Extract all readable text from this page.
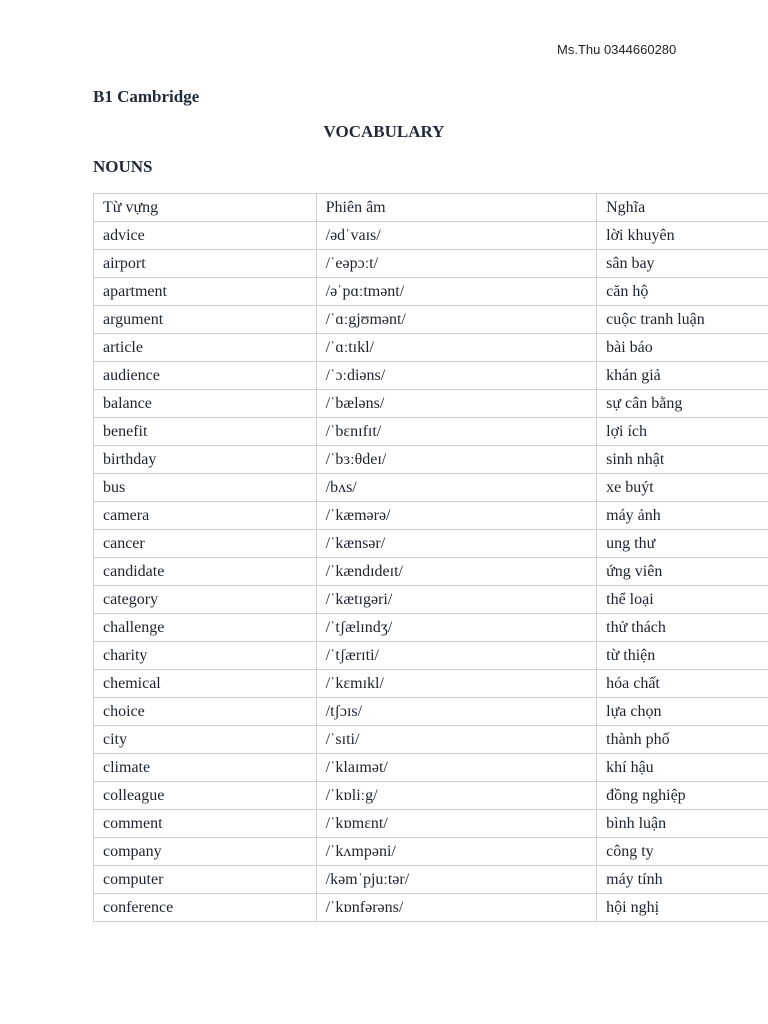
Ms.Thu 0344660280
B1 Cambridge
VOCABULARY
NOUNS
Từ vựng	Phiên âm	Nghĩa
advice	/ədˈvaɪs/	lời khuyên
airport	/ˈeəpɔːt/	sân bay
apartment	/əˈpɑːtmənt/	căn hộ
argument	/ˈɑːgjʊmənt/	cuộc tranh luận
article	/ˈɑːtɪkl/	bài báo
audience	/ˈɔːdiəns/	khán giả
balance	/ˈbæləns/	sự cân bằng
benefit	/ˈbɛnɪfɪt/	lợi ích
birthday	/ˈbɜːθdeɪ/	sinh nhật
bus	/bʌs/	xe buýt
camera	/ˈkæmərə/	máy ảnh
cancer	/ˈkænsər/	ung thư
candidate	/ˈkændɪdeɪt/	ứng viên
category	/ˈkætɪgəri/	thể loại
challenge	/ˈtʃælɪndʒ/	thử thách
charity	/ˈtʃærɪti/	từ thiện
chemical	/ˈkɛmɪkl/	hóa chất
choice	/tʃɔɪs/	lựa chọn
city	/ˈsɪti/	thành phố
climate	/ˈklaɪmət/	khí hậu
colleague	/ˈkɒliːg/	đồng nghiệp
comment	/ˈkɒmɛnt/	bình luận
company	/ˈkʌmpəni/	công ty
computer	/kəmˈpjuːtər/	máy tính
conference	/ˈkɒnfərəns/	hội nghị
